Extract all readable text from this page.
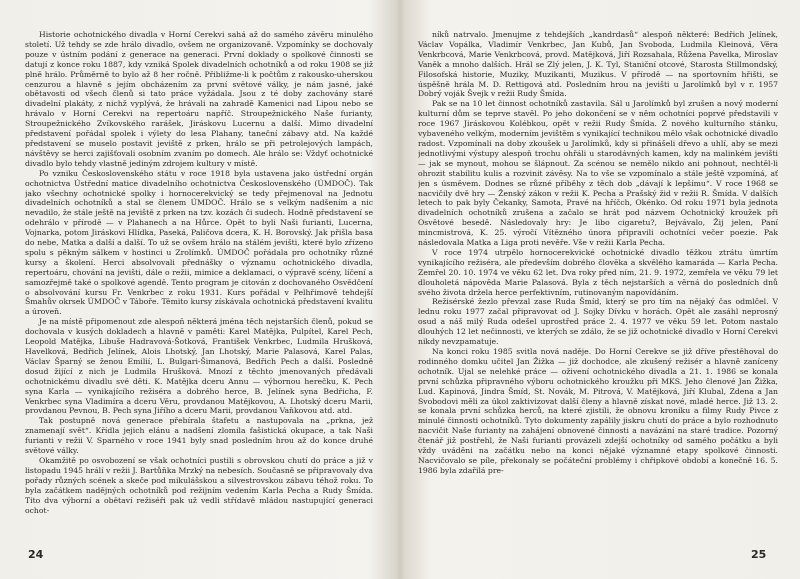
Historie ochotnického divadla v Horní Cerekvi sahá až do samého závěru minulého století. Už tehdy se zde hrálo divadlo, ovšem ne organizovaně. Vzpomínky se dochovaly pouze v ústním podání z generace na generaci. První doklady o spolkové činnosti se datují z konce roku 1887, kdy vzniká Spolek divadelních ochotníků a od roku 1908 se již plně hrálo. Průměrně to bylo až 8 her ročně. Přibližme-li k počtům z rakousko-uherskou cenzurou a hlavně s jejím obcházením za první světové války, je nám jasné, jaké obětavosti od všech členů si tato práce vyžádala. Jsou z té doby zachovány staré divadelní plakáty, z nichž vyplývá, že hrávali na zahradě Kamenici nad Lipou nebo se hrávalo v Horní Cerekvi na repertoáru napříč. Stroupežnického Naše furianty, Stroupežnického Zvíkovského rarášek, Jiráskovu Lucernu a další. Mimo divadelní představení pořádal spolek i výlety do lesa Plahany, taneční zábavy atd. Na každé představení se muselo postavit jeviště z prken, hrálo se při petrolejových lampách, návštěvy se herci zajišťovali osobním zvaním po domech. Ale hrálo se: Vždyť ochotnické divadlo bylo tehdy vlastně jediným zdrojem kultury v místě.

Po vzniku Československého státu v roce 1918 byla ustavena jako ústřední orgán ochotnictva Ústřední matice divadelního ochotnictva Československého (ÚMDOČ). Tak jako všechny ochotnické spolky i hornocerekvický se tedy přejmenoval na Jednotu divadelních ochotníků a stal se členem ÚMDOČ. Hrálo se s velkým nadšením a nic nevadilo, že stále ještě na jeviště z prken na tzv. kozách či sudech. Hodně představení se odehrálo v přírodě — v Plahanech a na Hůrce. Opět to byli Naši furianti, Lucerna, Vojnarka, potom Jiráskovi Hlídka, Paseká, Paličova dcera, K. H. Borovský. Jak přišla basa do nebe, Matka a další a další. To už se ovšem hrálo na stálém jevišti, které bylo zřízeno spolu s pěkným sálkem v hostinci u Zrolímků. ÚMDOČ pořádala pro ochotníky různé kursy a školení. Herci absolvovali přednášky o významu ochotnického divadla, repertoáru, chování na jevišti, dále o režii, mimice a deklamaci, o výpravě scény, líčení a samozřejmě také o spolkové agendě. Tento program je citován z dochovaného Osvědčení o absolvování kursu Fr. Venkrbec z roku 1931. Kurs pořádal v Pelhřimově tehdejší Šmahův okrsek ÚMDOČ v Táboře. Těmito kursy získávala ochotnická představení kvalitu a úroveň.

Je na místě připomenout zde alespoň některá jména těch nejstarších členů, pokud se dochovala v kusých dokladech a hlavně v paměti: Karel Matějka, Pulpítel, Karel Pech, Leopold Matějka, Libuše Hadravová-Šotková, František Venkrbec, Ludmila Hrušková, Havelková, Bedřich Jelínek, Alois Lhotský, Jan Lhotský, Marie Palasová, Karel Palas, Václav Šparný se ženou Emilií, L. Bulgari-Šimanová, Bedřich Pech a další. Posledně dosud žijící z nich je Ludmila Hrušková. Mnozí z těchto jmenovaných předávali ochotnickému divadlu své děti. K. Matějka dceru Annu — výbornou herečku, K. Pech syna Karla — vynikajícího režiséra a dobrého herce, B. Jelínek syna Bedřicha, F. Venkrbec syna Vladimíra a dceru Věru, provdanou Matějkovou, A. Lhotský dceru Marii, provdanou Pevnou, B. Pech syna Jiřího a dceru Marii, provdanou Vaňkovou atd. atd.

Tak postupně nová generace přebírala štafetu a nastupovala na „prkna, jež znamenají svět“. Křídla jejich elánu a nadšení zlomila fašistická okupace, a tak Naši furianti v režii V. Sparného v roce 1941 byly snad posledním hrou až do konce druhé světové války.

Okamžitě po osvobození se však ochotníci pustili s obrovskou chutí do práce a již v listopadu 1945 hrálí v režii J. Bartůňka Mrzký na nebesích. Současně se připravovaly dva pořady různých scének a skeče pod mikulášskou a silvestrovskou zábavu téhož roku. To byla začátkem nadějných ochotníků pod režijním vedením Karla Pecha a Rudy Šmída. Tito dva výborní a obětaví režiséři pak už vedli střídavě mládou nastupující generaci ochot-

24

níků natrvalo. Jmenujme z tehdejších „kandrdasů“ alespoň některé: Bedřich Jelínek, Václav Vopálka, Vladimír Venkrbec, Jan Kubů, Jan Svoboda, Ludmila Kleinová, Věra Venkrbcová, Marie Venkrbcová, provd. Matějková, Jiří Rozsahala, Růžena Pavelka, Miroslav Vaněk a mnoho dalších. Hrál se Zlý jelen, J. K. Tyl, Staniční otcové, Starosta Stillmondský, Filosofská historie, Muziky, Muzikanti, Muzikus. V přírodě — na sportovním hřišti, se úspěšně hrála M. D. Rettigová atd. Posledním hrou na jevišti u Jarolímků byl v r. 1957 Dobrý voják Švejk v režii Rudy Šmída.

Pak se na 10 let činnost ochotníků zastavila. Sál u Jarolímků byl zrušen a nový moderní kulturní dům se teprve stavěl. Po jeho dokončení se v něm ochotníci poprvé představili v roce 1967 Jiráskovou Kolébkou, opět v režii Rudy Šmída. Z nového kulturního stánku, vybaveného velkým, moderním jevištěm s vynikající technikou mělo však ochotnické divadlo radost. Vzpomínali na doby zkoušek u Jarolímků, kdy si přinášeli dřevo a uhlí, aby se mezi jednotlivými výstupy alespoň trochu ohřáli u starodávných kamen, kdy na malinkém jevišti — jak se mynout, mohou se šlápnout. Za scénou se nemělo nikdo ani pohnout, nechtěl-li ohrozit stabilitu kulis a rozvinit závěsy. Na to vše se vzpomínalo a stále ještě vzpomíná, ať jen s úsměvem. Dodnes se různé příběhy z těch dob „dávají k lepšímu“. V roce 1968 se nacvičily dvě hry — Ženský zákon v režii K. Pecha a Prašský žid v režii R. Šmída. V dalších letech to pak byly Čekanky, Samota, Pravé na hříčch, Okénko. Od roku 1971 byla jednota divadelních ochotníků zrušena a začalo se hrát pod názvem Ochotnický kroužek při Osvětové besedě. Následovaly hry: Je libo cigaretu?, Bejvávalo, Žij jelen, Paní mincmistrová, K. 25. výročí Vítězného února připravili ochotníci večer poezie. Pak následovala Matka a Liga proti nevěře. Vše v režii Karla Pecha.

V roce 1974 utrpělo hornocerekvické ochotnické divadlo těžkou ztrátu úmrtím vynikajícího režiséra, ale především dobrého člověka a skvělého kamaráda — Karla Pecha. Zemřel 20. 10. 1974 ve věku 62 let. Dva roky před ním, 21. 9. 1972, zemřela ve věku 79 let dlouholetá nápověda Marie Palasová. Byla z těch nejstarších a věrná do posledních dnů svého života držela herce perfektivním, rutinovaným napovídáním.

Režisérské žezlo převzal zase Ruda Šmíd, který se pro tím na nějaký čas odmlčel. V lednu roku 1977 začal připravovat od J. Sojky Dívku v horách. Opět ale zasáhl neprosný osud a náš milý Ruda odešel uprostřed práce 2. 4. 1977 ve věku 59 let. Potom nastalo dlouhých 12 let nečinnosti, ve kterých se zdálo, že se již ochotnické divadlo v Horní Cerekvi nikdy nevzpamatuje.

Na konci roku 1985 svitla nová naděje. Do Horní Cerekve se již dříve přestěhoval do rodinného domku učitel Jan Žižka — již dochodce, ale zkušený režisér a hlavně zaníceny ochotník. Ujal se nelehké práce — oživení ochotnického divadla a 21. 1. 1986 se konala první schůzka připravného výboru ochotnického kroužku při MKS. Jeho členové Jan Žižka, Lud. Kapinová, Jindra Šmíd, St. Novák, M. Pitrová, V. Matějková, Jiří Klubal, Zdena a Jan Svobodovi měli za úkol zaktivizovat další členy a hlavně získat nové, mladé herce. Již 13. 2. se konala první schůzka herců, na které zjistili, že obnovu kroniku a filmy Rudy Pivce z minulé činnosti ochotníků. Tyto dokumenty zapálily jiskru chutí do práce a bylo rozhodnuto nacvičit Naše furianty na zahájení obnovené činnosti a navázání na staré tradice. Pozorný čtenář již postřehl, že Naši furianti provázeli zdejší ochotníky od samého počátku a byli vždy uváděni na začátku nebo na konci nějaké významné etapy spolkové činnosti. Nacvičovalo se píle, překonaly se počáteční problémy i chřipkové období a konečně 16. 5. 1986 byla zdařilá pre-

25
